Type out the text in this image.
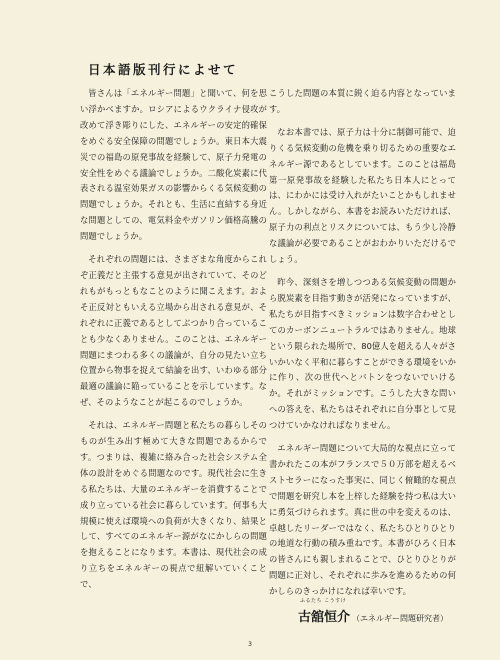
日本語版刊行によせて

皆さんは「エネルギー問題」と聞いて、何を思い浮かべますか。ロシアによるウクライナ侵攻が改めて浮き彫りにした、エネルギーの安定的確保をめぐる安全保障の問題でしょうか。東日本大震災での福島の原発事故を経験して、原子力発電の安全性をめぐる議論でしょうか。二酸化炭素に代表される温室効果ガスの影響からくる気候変動の問題でしょうか。それとも、生活に直結する身近な問題としての、電気料金やガソリン価格高騰の問題でしょうか。

それぞれの問題には、さまざまな角度からこれぞ正義だと主張する意見が出されていて、そのどれもがもっともなことのように聞こえます。およそ正反対ともいえる立場から出される意見が、それぞれに正義であるとしてぶつかり合っていることも少なくありません。このことは、エネルギー問題にまつわる多くの議論が、自分の見たい立ち位置から物事を捉えて結論を出す、いわゆる部分最適の議論に陥っていることを示しています。なぜ、そのようなことが起こるのでしょうか。

それは、エネルギー問題と私たちの暮らしそのものが生み出す極めて大きな問題であるからです。つまりは、複雑に絡み合った社会システム全体の設計をめぐる問題なのです。現代社会に生きる私たちは、大量のエネルギーを消費することで成り立っている社会に暮らしています。何事も大規模に使えば環境への負荷が大きくなり、結果として、すべてのエネルギー源がなにかしらの問題を抱えることになります。本書は、現代社会の成り立ちをエネルギーの視点で紐解いていくことで、

こうした問題の本質に鋭く迫る内容となっています。

なお本書では、原子力は十分に制御可能で、迫りくる気候変動の危機を乗り切るための重要なエネルギー源であるとしています。このことは福島第一原発事故を経験した私たち日本人にとっては、にわかには受け入れがたいことかもしれません。しかしながら、本書をお読みいただければ、原子力の利点とリスクについては、もう少し冷静な議論が必要であることがおわかりいただけるでしょう。

昨今、深刻さを増しつつある気候変動の問題から脱炭素を目指す動きが活発になっていますが、私たちが目指すべきミッションは数字合わせとしてのカーボンニュートラルではありません。地球という限られた場所で、80億人を超える人々がさいかいなく平和に暮らすことができる環境をいかに作り、次の世代へとバトンをつないでいけるか。それがミッションです。こうした大きな問いへの答えを、私たちはそれぞれに自分事として見つけていかなければなりません。

エネルギー問題について大局的な視点に立って書かれたこの本がフランスで５０万部を超えるベストセラーになった事実に、同じく俯瞰的な視点で問題を研究し本を上梓した経験を持つ私は大いに勇気づけられます。真に世の中を変えるのは、卓越したリーダーではなく、私たちひとりひとりの地道な行動の積み重ねです。本書がひろく日本の皆さんにも親しまれることで、ひとりひとりが問題に正対し、それぞれに歩みを進めるための何かしらのきっかけになれば幸いです。

ふるたち こうすけ
古舘恒介 （エネルギー問題研究者）
3
